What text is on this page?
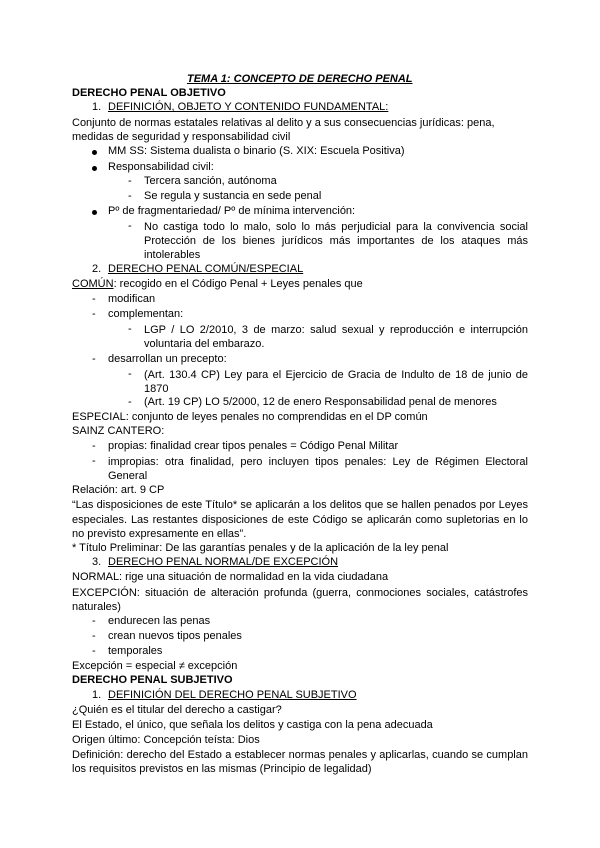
TEMA 1: CONCEPTO DE DERECHO PENAL
DERECHO PENAL OBJETIVO
1. DEFINICIÓN, OBJETO Y CONTENIDO FUNDAMENTAL:
Conjunto de normas estatales relativas al delito y a sus consecuencias jurídicas: pena,
medidas de seguridad y responsabilidad civil
MM SS: Sistema dualista o binario (S. XIX: Escuela Positiva)
Responsabilidad civil:
- Tercera sanción, autónoma
- Se regula y sustancia en sede penal
Pº de fragmentariedad/ Pº de mínima intervención:
- No castiga todo lo malo, solo lo más perjudicial para la convivencia social Protección de los bienes jurídicos más importantes de los ataques más intolerables
2. DERECHO PENAL COMÚN/ESPECIAL
COMÚN: recogido en el Código Penal + Leyes penales que
- modifican
- complementan:
- LGP / LO 2/2010, 3 de marzo: salud sexual y reproducción e interrupción voluntaria del embarazo.
- desarrollan un precepto:
- (Art. 130.4 CP) Ley para el Ejercicio de Gracia de Indulto de 18 de junio de 1870
- (Art. 19 CP) LO 5/2000, 12 de enero Responsabilidad penal de menores
ESPECIAL: conjunto de leyes penales no comprendidas en el DP común
SAINZ CANTERO:
- propias: finalidad crear tipos penales = Código Penal Militar
- impropias: otra finalidad, pero incluyen tipos penales: Ley de Régimen Electoral General
Relación: art. 9 CP
“Las disposiciones de este Título* se aplicarán a los delitos que se hallen penados por Leyes especiales. Las restantes disposiciones de este Código se aplicarán como supletorias en lo no previsto expresamente en ellas”.
* Título Preliminar: De las garantías penales y de la aplicación de la ley penal
3. DERECHO PENAL NORMAL/DE EXCEPCIÓN
NORMAL: rige una situación de normalidad en la vida ciudadana
EXCEPCIÓN: situación de alteración profunda (guerra, conmociones sociales, catástrofes naturales)
- endurecen las penas
- crean nuevos tipos penales
- temporales
Excepción = especial ≠ excepción
DERECHO PENAL SUBJETIVO
1. DEFINICIÓN DEL DERECHO PENAL SUBJETIVO
¿Quién es el titular del derecho a castigar?
El Estado, el único, que señala los delitos y castiga con la pena adecuada
Origen último: Concepción teísta: Dios
Definición: derecho del Estado a establecer normas penales y aplicarlas, cuando se cumplan los requisitos previstos en las mismas (Principio de legalidad)
